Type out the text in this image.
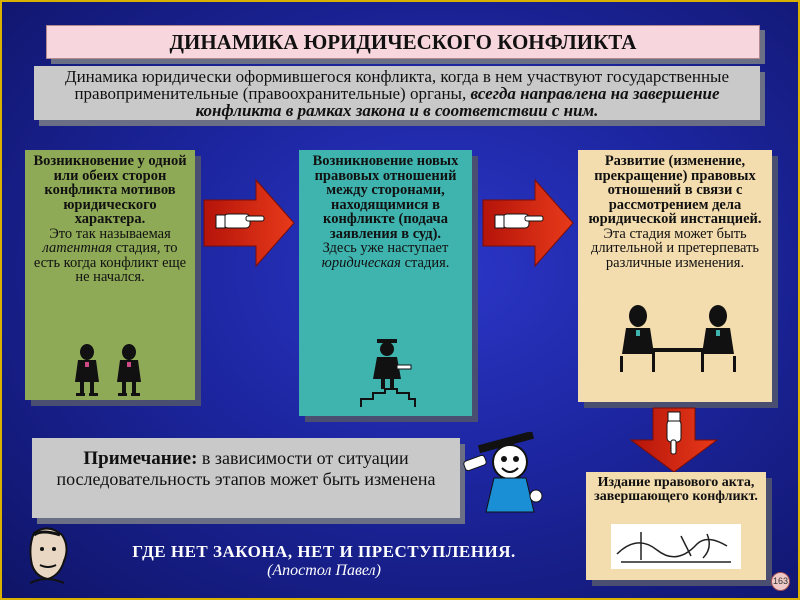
ДИНАМИКА ЮРИДИЧЕСКОГО КОНФЛИКТА
Динамика юридически оформившегося конфликта, когда в нем участвуют государственные правоприменительные (правоохранительные) органы, всегда направлена на завершение конфликта в рамках закона и в соответствии с ним.
Возникновение у одной или обеих сторон конфликта мотивов юридического характера.
Это так называемая латентная стадия, то есть когда конфликт еще не начался.
Возникновение новых правовых отношений между сторонами, находящимися в конфликте (подача заявления в суд).
Здесь уже наступает юридическая стадия.
Развитие (изменение, прекращение) правовых отношений в связи с рассмотрением дела юридической инстанцией.
Эта стадия может быть длительной и претерпевать различные изменения.
Издание правового акта, завершающего конфликт.
Примечание: в зависимости от ситуации последовательность этапов может быть изменена
ГДЕ НЕТ ЗАКОНА, НЕТ И ПРЕСТУПЛЕНИЯ.
(Апостол Павел)
163
